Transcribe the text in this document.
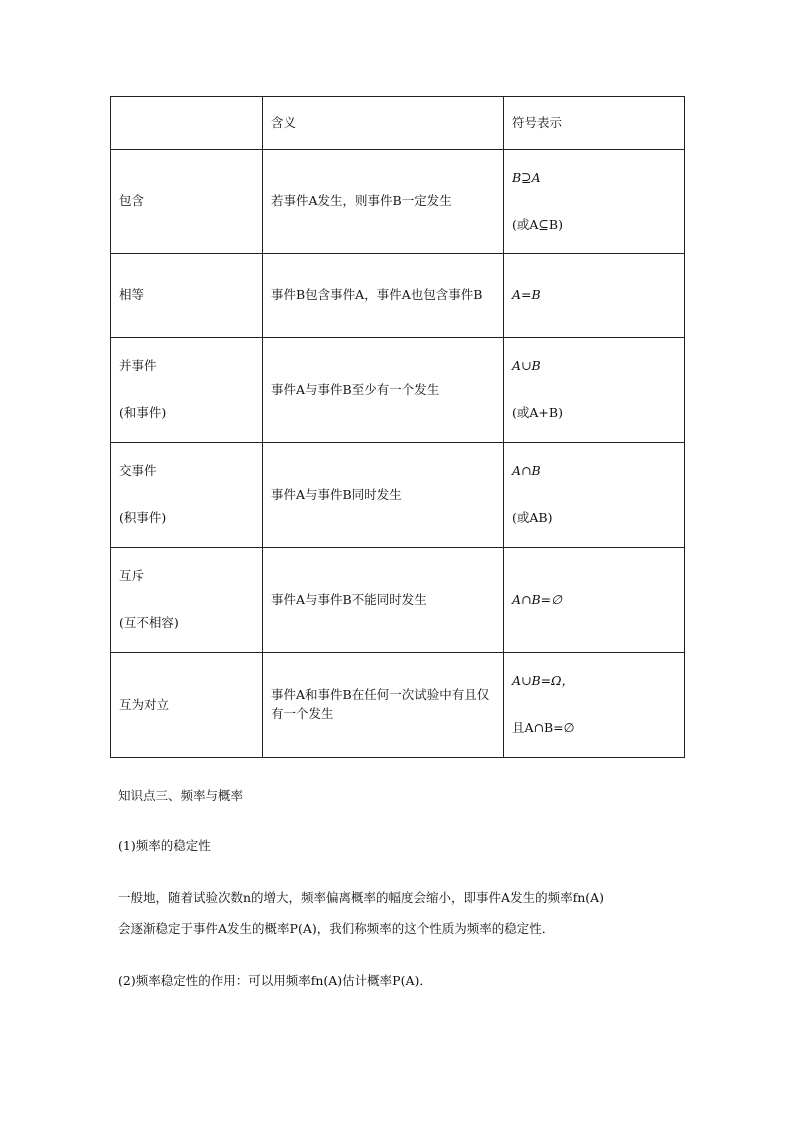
	含义	符号表示
包含	若事件A发生，则事件B一定发生	B⊇A
(或A⊆B)

相等	事件B包含事件A，事件A也包含事件B	A=B

并事件
(和事件)	事件A与事件B至少有一个发生	A∪B
(或A+B)

交事件
(积事件)	事件A与事件B同时发生	A∩B
(或AB)

互斥
(互不相容)	事件A与事件B不能同时发生	A∩B=∅
互为对立	事件A和事件B在任何一次试验中有且仅有一个发生	A∪B=Ω，
且A∩B=∅
知识点三、频率与概率
(1)频率的稳定性
一般地，随着试验次数n的增大，频率偏离概率的幅度会缩小，即事件A发生的频率fn(A)
会逐渐稳定于事件A发生的概率P(A)，我们称频率的这个性质为频率的稳定性．
(2)频率稳定性的作用：可以用频率fn(A)估计概率P(A)．
